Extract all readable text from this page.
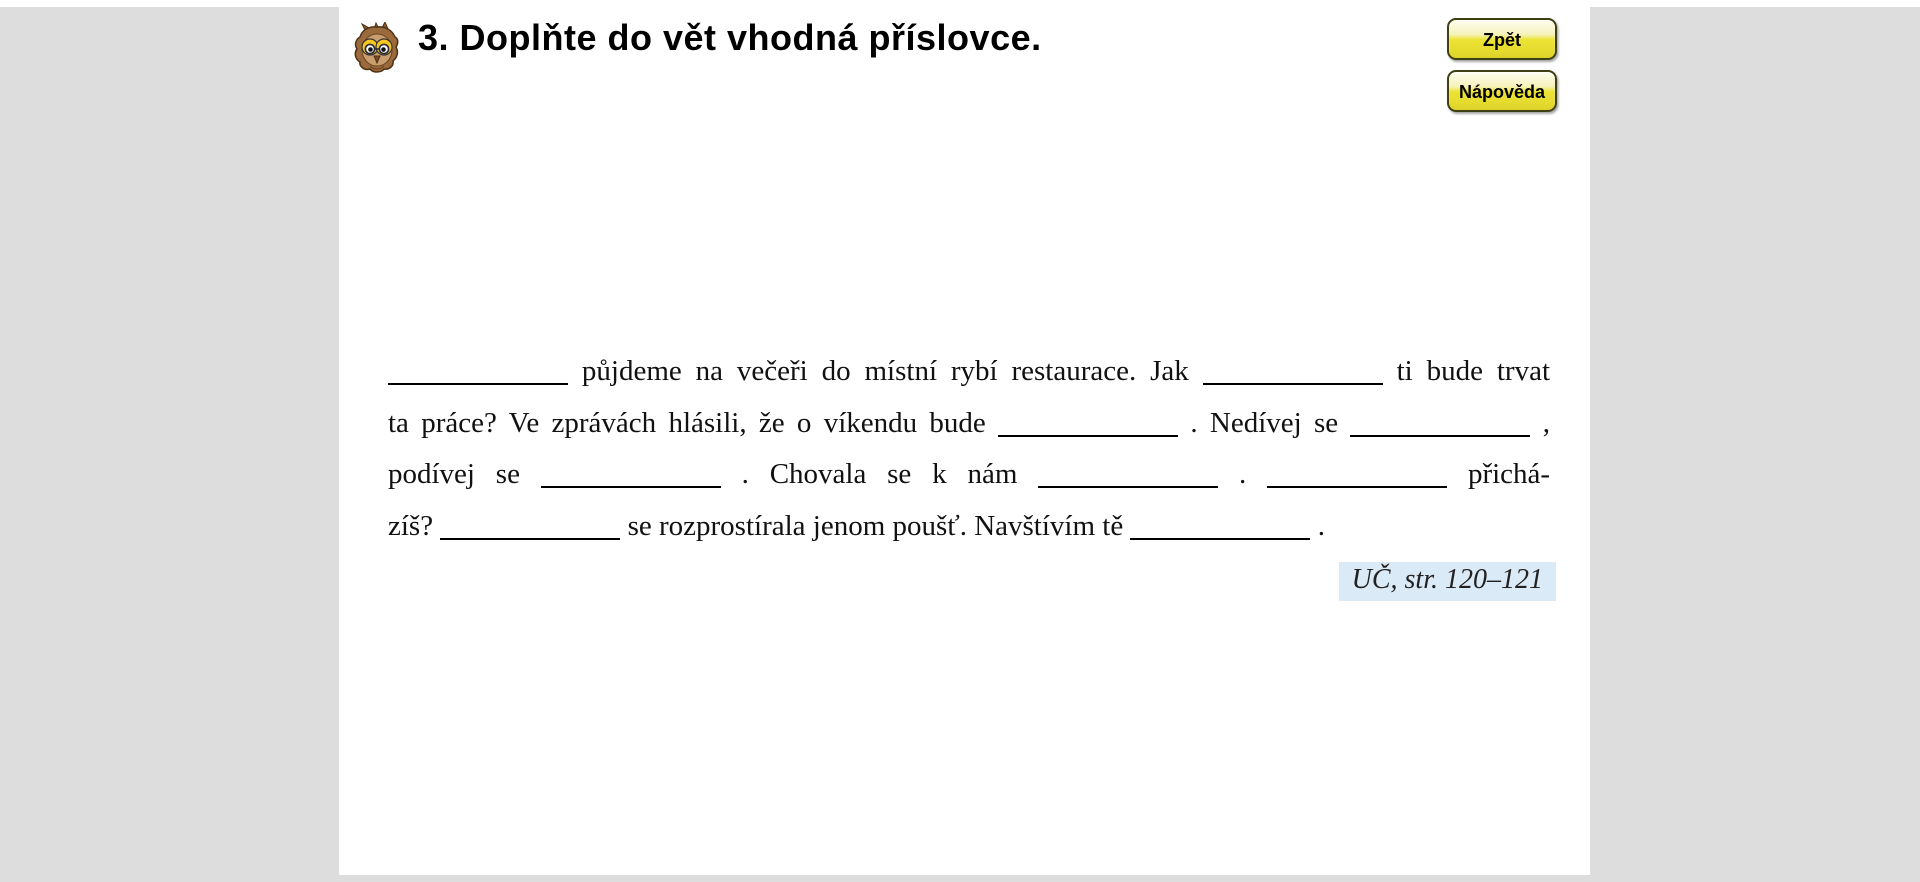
3. Doplňte do vět vhodná příslovce.	Zpět
Nápověda
půjdeme na večeři do místní rybí restaurace. Jak	ti bude trvat
ta práce? Ve zprávách hlásili, že o víkendu bude	. Nedívej se	,
podívej se	. Chovala se k nám	.	přichá-
zíš?	se rozprostírala jenom poušť. Navštívím tě	.
UČ, str. 120–121
